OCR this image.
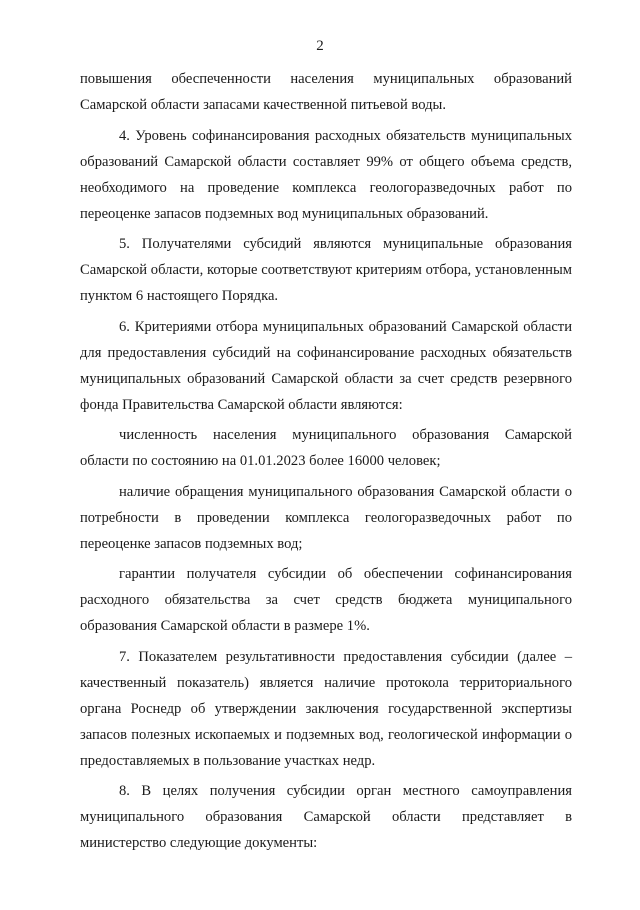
2

повышения обеспеченности населения муниципальных образований Самарской области запасами качественной питьевой воды.

4. Уровень софинансирования расходных обязательств муниципальных образований Самарской области составляет 99% от общего объема средств, необходимого на проведение комплекса геологоразведочных работ по переоценке запасов подземных вод муниципальных образований.

5. Получателями субсидий являются муниципальные образования Самарской области, которые соответствуют критериям отбора, установленным пунктом 6 настоящего Порядка.

6. Критериями отбора муниципальных образований Самарской области для предоставления субсидий на софинансирование расходных обязательств муниципальных образований Самарской области за счет средств резервного фонда Правительства Самарской области являются:

численность населения муниципального образования Самарской области по состоянию на 01.01.2023 более 16000 человек;

наличие обращения муниципального образования Самарской области о потребности в проведении комплекса геологоразведочных работ по переоценке запасов подземных вод;

гарантии получателя субсидии об обеспечении софинансирования расходного обязательства за счет средств бюджета муниципального образования Самарской области в размере 1%.

7. Показателем результативности предоставления субсидии (далее – качественный показатель) является наличие протокола территориального органа Роснедр об утверждении заключения государственной экспертизы запасов полезных ископаемых и подземных вод, геологической информации о предоставляемых в пользование участках недр.

8. В целях получения субсидии орган местного самоуправления муниципального образования Самарской области представляет в министерство следующие документы:
